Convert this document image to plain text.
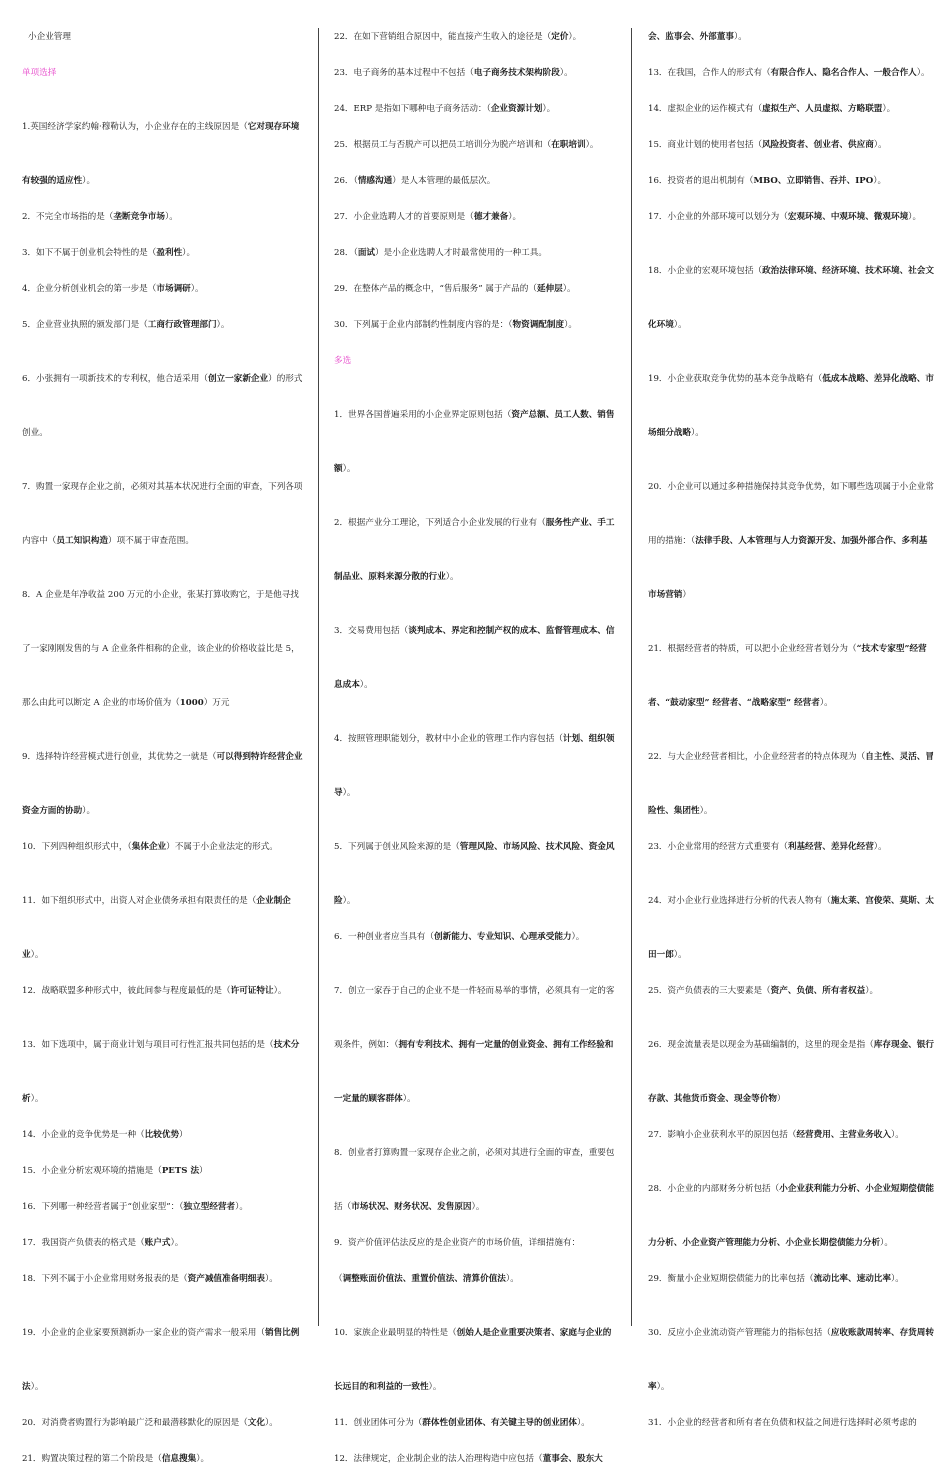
小企业管理

单项选择

1.英国经济学家约翰·穆勒认为，小企业存在的主线原因是（它对现存环境有较强的适应性）。

2．不完全市场指的是（垄断竞争市场）。

3．如下不属于创业机会特性的是（盈利性）。

4．企业分析创业机会的第一步是（市场调研）。

5．企业营业执照的颁发部门是（工商行政管理部门）。

6．小张拥有一项新技术的专利权，他合适采用（创立一家新企业）的形式创业。

7．购置一家现存企业之前，必须对其基本状况进行全面的审查，下列各项内容中（员工知识构造）项不属于审查范围。

8．A 企业是年净收益 200 万元的小企业，张某打算收购它，于是他寻找了一家刚刚发售的与 A 企业条件相称的企业，该企业的价格收益比是 5，那么由此可以断定 A 企业的市场价值为（1000）万元

9．选择特许经营模式进行创业，其优势之一就是（可以得到特许经营企业资金方面的协助）。

10．下列四种组织形式中，（集体企业）不属于小企业法定的形式。

11．如下组织形式中，出资人对企业债务承担有限责任的是（企业制企业）。

12．战略联盟多种形式中，彼此间参与程度最低的是（许可证特让）。

13．如下选项中，属于商业计划与项目可行性汇报共同包括的是（技术分析）。

14．小企业的竞争优势是一种（比较优势）

15．小企业分析宏观环境的措施是（PETS 法）

16．下列哪一种经营者属于“创业家型”：（独立型经营者）。

17．我国资产负债表的格式是（账户式）。

18．下列不属于小企业常用财务报表的是（资产减值准备明细表）。

19．小企业的企业家要预测新办一家企业的资产需求一般采用（销售比例法）。

20．对消费者购置行为影响最广泛和最潜移默化的原因是（文化）。

21．购置决策过程的第二个阶段是（信息搜集）。

22．在如下营销组合原因中，能直接产生收入的途径是（定价）。

23．电子商务的基本过程中不包括（电子商务技术架构阶段）。

24．ERP 是指如下哪种电子商务活动：（企业资源计划）。

25．根据员工与否脱产可以把员工培训分为脱产培训和（在职培训）。

26．（情感沟通）是人本管理的最低层次。

27．小企业选聘人才的首要原则是（德才兼备）。

28．（面试）是小企业选聘人才时最常使用的一种工具。

29．在整体产品的概念中，“售后服务” 属于产品的（延伸层）。

30．下列属于企业内部制约性制度内容的是：（物资调配制度）。

多选

1．世界各国普遍采用的小企业界定原则包括（资产总额、员工人数、销售额）。

2．根据产业分工理论，下列适合小企业发展的行业有（服务性产业、手工制品业、原料来源分散的行业）。

3．交易费用包括（谈判成本、界定和控制产权的成本、监督管理成本、信息成本）。

4．按照管理职能划分，教材中小企业的管理工作内容包括（计划、组织领导）。

5．下列属于创业风险来源的是（管理风险、市场风险、技术风险、资金风险）。

6．一种创业者应当具有（创新能力、专业知识、心理承受能力）。

7．创立一家吞于自己的企业不是一件轻而易举的事情，必须具有一定的客观条件，例如：（拥有专利技术、拥有一定量的创业资金、拥有工作经验和一定量的顾客群体）。

8．创业者打算购置一家现存企业之前，必须对其进行全面的审查，重要包括（市场状况、财务状况、发售原因）。

9．资产价值评估法反应的是企业资产的市场价值，详细措施有：

（调整账面价值法、重置价值法、清算价值法）。

10．家族企业最明显的特性是（创始人是企业重要决策者、家庭与企业的长远目的和利益的一致性）。

11．创业团体可分为（群体性创业团体、有关键主导的创业团体）。

12．法律规定，企业制企业的法人治理构造中应包括（董事会、股东大

会、监事会、外部董事）。

13．在我国，合作人的形式有（有限合作人、隐名合作人、一般合作人）。

14．虚拟企业的运作模式有（虚拟生产、人员虚拟、方略联盟）。

15．商业计划的使用者包括（风险投资者、创业者、供应商）。

16．投资者的退出机制有（MBO、立即销售、吞并、IPO）。

17．小企业的外部环境可以划分为（宏观环境、中观环境、微观环境）。

18．小企业的宏观环境包括（政治法律环境、经济环境、技术环境、社会文化环境）。

19．小企业获取竞争优势的基本竞争战略有（低成本战略、差异化战略、市场细分战略）。

20．小企业可以通过多种措施保持其竞争优势，如下哪些选项属于小企业常用的措施：（法律手段、人本管理与人力资源开发、加强外部合作、多利基市场营销）

21．根据经营者的特质，可以把小企业经营者划分为（“技术专家型”经营者、“鼓动家型” 经营者、“战略家型” 经营者）。

22．与大企业经营者相比，小企业经营者的特点体现为（自主性、灵活、冒险性、集团性）。

23．小企业常用的经营方式重要有（利基经营、差异化经营）。

24．对小企业行业选择进行分析的代表人物有（施太莱、宫俊荣、莫斯、太田一郎）。

25．资产负债表的三大要素是（资产、负债、所有者权益）。

26．现金流量表是以现金为基础编制的，这里的现金是指（库存现金、银行存款、其他货币资金、现金等价物）

27．影响小企业获利水平的原因包括（经营费用、主营业务收入）。

28．小企业的内部财务分析包括（小企业获利能力分析、小企业短期偿债能力分析、小企业资产管理能力分析、小企业长期偿债能力分析）。

29．衡量小企业短期偿债能力的比率包括（流动比率、速动比率）。

30．反应小企业流动资产管理能力的指标包括（应收账款周转率、存货周转率）。

31．小企业的经营者和所有者在负债和权益之间进行选择时必须考虑的
